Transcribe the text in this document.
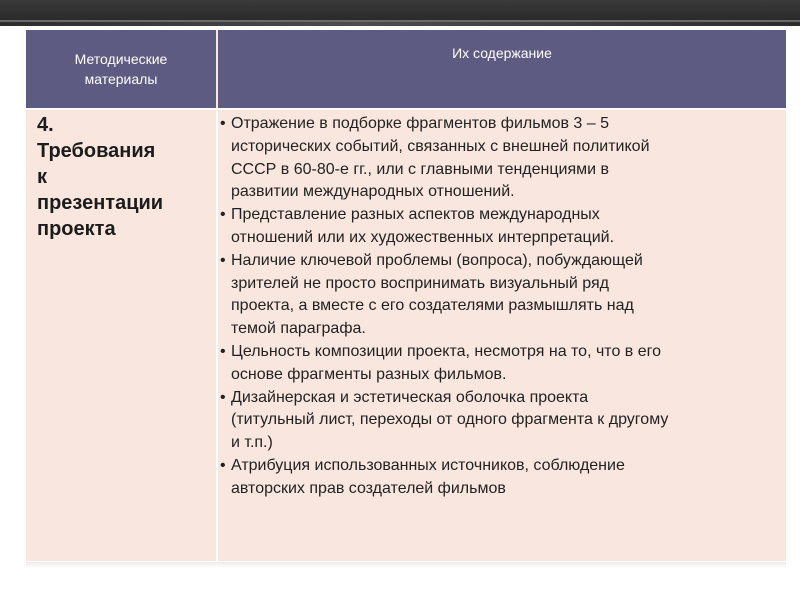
Методические
материалы
Их содержание
4.
Требования
к
презентации
проекта
• Отражение в подборке фрагментов фильмов 3 – 5
исторических событий, связанных с внешней политикой
СССР в 60-80-е гг., или с главными тенденциями в
развитии международных отношений.
• Представление разных аспектов международных
отношений или их художественных интерпретаций.
• Наличие ключевой проблемы (вопроса), побуждающей
зрителей не просто воспринимать визуальный ряд
проекта, а вместе с его создателями размышлять над
темой параграфа.
• Цельность композиции проекта, несмотря на то, что в его
основе фрагменты разных фильмов.
• Дизайнерская и эстетическая оболочка проекта
(титульный лист, переходы от одного фрагмента к другому
и т.п.)
• Атрибуция использованных источников, соблюдение
авторских прав создателей фильмов
